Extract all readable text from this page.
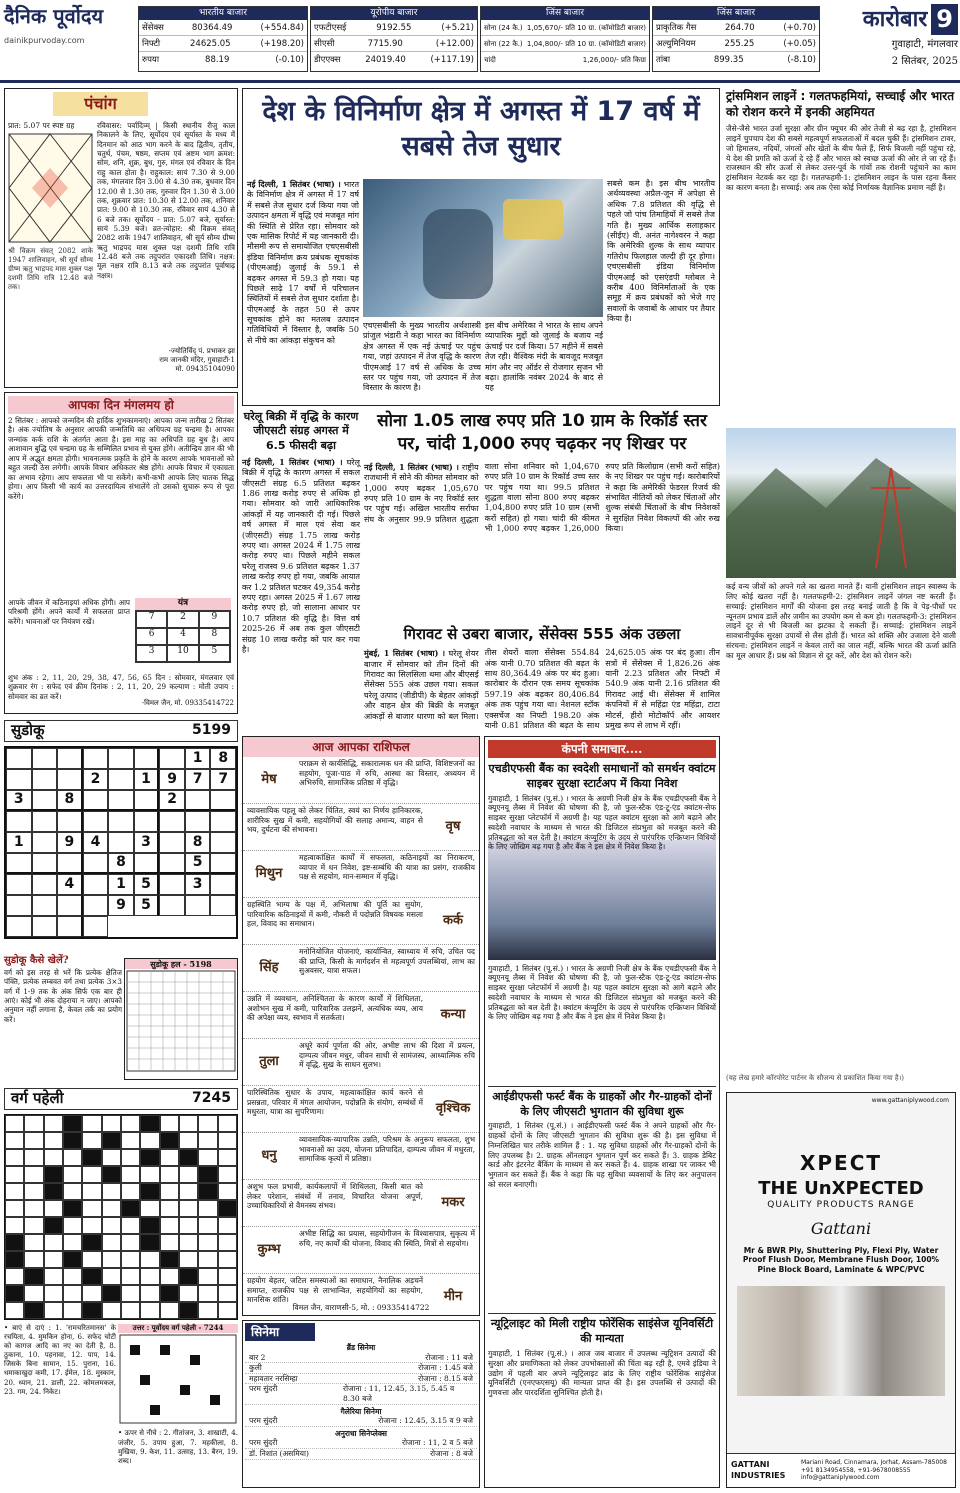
दैनिक पूर्वोदय
dainikpurvoday.com
भारतीय बाजार
सेंसेक्स	80364.49	(+554.84)
निफ्टी	24625.05	(+198.20)
रुपया	88.19	(-0.10)
यूरोपीय बाजार
एफटीएसई	9192.55	(+5.21)
सीएसी	7715.90	(+12.00)
डीएएक्स	24019.40	(+117.19)
जिंस बाजार
सोना (24 कै.) 1,05,670/- प्रति 10 ग्रा. (कॉमोडिटी बाजार)
सोना (22 कै.) 1,04,800/- प्रति 10 ग्रा. (कॉमोडिटी बाजार)
चांदी	1,26,000/- प्रति किग्रा
जिंस बाजार
प्राकृतिक गैस	264.70	(+0.70)
अल्युमिनियम	255.25	(+0.05)
तांबा	899.35	(-8.10)
कारोबार 9
गुवाहाटी, मंगलवार
2 सितंबर, 2025
पंचांग
प्रात: 5.07 पर स्पष्ट ग्रह	रविवासर: पर्वादित्र्म् | किसी स्थानीय रीजु काल निकालने के लिए, सूर्योदय एवं सूर्यास्त के मध्य में दिनमान को आठ भाग करने के बाद द्वितीय, तृतीय, चतुर्थ, पंचम, षष्ठम, सप्तम एवं अष्टम भाग क्रमश: सोम, शनि, शुक्र, बुध, गुरु, मंगल एवं रविवार के दिन राहु काल होता है। राहुकाल: सायं 7.30 से 9.00 तक, मंगलवार दिन 3.00 से 4.30 तक, बुधवार दिन 12.00 से 1.30 तक, गुरुवार दिन 1.30 से 3.00 तक, शुक्रवार प्रात: 10.30 से 12.00 तक, शनिवार प्रात: 9.00 से 10.30 तक, रविवार सायं 4.30 से 6 बजे तक। सूर्योदय - प्रात: 5.07 बजे, सूर्यास्त: सायं 5.39 बजे। व्रत-त्योहार: श्री विक्रम संवत् 2082 शाके 1947 शालिवाहन, श्री सूर्य सौम्य ग्रीष्म ऋतु भाद्रपद मास शुक्ल पक्ष दशमी तिथि रात्रि 12.48 बजे तक तदुपरांत एकादशी तिथि। नक्षत्र: मूल नक्षत्र रात्रि 8.13 बजे तक तदुपरांत पूर्वाषाढ़ नक्षत्र।
श्री विक्रम संवत् 2082 शाके 1947 शालिवाहन, श्री सूर्य सौम्य ग्रीष्म ऋतु भाद्रपद मास शुक्ल पक्ष दशमी तिथि रात्रि 12.48 बजे तक।
-ज्योतिर्विद् पं. प्रभाकर झा
राम जानकी मंदिर, गुवाहाटी-1
मो. 09435104090
आपका दिन मंगलमय हो
2 सितंबर : आपको जन्मदिन की हार्दिक शुभकामनाएं। आपका जन्म तारीख 2 सितंबर है। अंक ज्योतिष के अनुसार आपकी जन्मतिथि का अधिपत्य ग्रह चन्द्रमा है। आपका जन्मांक कर्क राशि के अंतर्गत आता है। इस माह का अधिपति ग्रह बुध है। आप आशावान बुद्धि एवं चन्द्रमा ग्रह के सम्मिलित प्रभाव से युक्त होंगे। अतीन्द्रिय ज्ञान की भी आप में अद्भुत क्षमता होगी। भावनात्मक प्रकृति के होने के कारण आपके भावनाओं को बहुत जल्दी ठेस लगेगी। आपके विचार अधिकतर श्रेष्ठ होंगे। आपके विचार में एकाग्रता का अभाव रहेगा। आप सफलता भी पा सकेंगे। कभी-कभी आपके लिए घातक सिद्ध होगा। आप किसी भी कार्य का उत्तरदायित्व संभालेंगे तो उसको सुचारू रूप से पूरा करेंगे।
यंत्र
7	2	9
6	4	8
3	10	5
आपके जीवन में कठिनाइयां अधिक होंगी। आप परिश्रमी होंगे। अपने कार्यों में सफलता प्राप्त करेंगे। भावनाओं पर नियंत्रण रखें।
शुभ अंक : 2, 11, 20, 29, 38, 47, 56, 65 दिन : सोमवार, मंगलवार एवं शुक्रवार रंग : सफेद एवं क्रीम दिनांक : 2, 11, 20, 29 कल्याण : मोती उपाय : सोमवार का व्रत करें।
-विमल जैन, मो. 09335414722
सुडोकू	5199
1	8
2	1	9	7	7
3	8	2
1	9	4	3	8
8	5
4	1	5	3
9	5
सुडोकू कैसे खेलें?
वर्ग को इस तरह से भरें कि प्रत्येक क्षैतिज पंक्ति, प्रत्येक लम्बवत वर्ग तथा प्रत्येक 3×3 वर्ग में 1-9 तक के अंक सिर्फ एक बार ही आएं। कोई भी अंक दोहराया न जाए। आपको अनुमान नहीं लगाना है, केवल तर्क का प्रयोग करें।
सुडोकू हल - 5198
वर्ग पहेली	7245
• बाएं से दाएं : 1. 'रामचरितमानस' के रचयिता, 4. मुमकिन होना, 6. सफेद चोटी को कागज आदि का नए का देती है, 8. ठुकाना, 10. पहनावा, 12. पाप, 14. जिसके बिना सामान, 15. पुराना, 16. धमाकाखुदा कमी, 17. ईमेल, 18. मुस्कान, 20. ध्यान, 21. डाली, 22. कोमलमकल, 23. गम, 24. निकेट।
उत्तर : पूर्वोदय वर्ग पहेली - 7244
• ऊपर से नीचे : 2. गीतांजन, 3. शाखाटी, 4. जंजीर, 5. उपाय हुआ, 7. महकीला, 8. मुखिया, 9. केश, 11. उत्साह, 13. बैरन, 19. शब्द।
देश के विनिर्माण क्षेत्र में अगस्त में 17 वर्ष में सबसे तेज सुधार
नई दिल्ली, 1 सितंबर (भाषा) । भारत के विनिर्माण क्षेत्र में अगस्त में 17 वर्ष में सबसे तेज सुधार दर्ज किया गया जो उत्पादन क्षमता में वृद्धि एवं मजबूत मांग की स्थिति से प्रेरित रहा। सोमवार को एक मासिक रिपोर्ट में यह जानकारी दी। मौसमी रूप से समायोजित एचएसबीसी इंडिया विनिर्माण क्रय प्रबंधक सूचकांक (पीएमआई) जुलाई के 59.1 से बढ़कर अगस्त में 59.3 हो गया। यह पिछले साढ़े 17 वर्षों में परिचालन स्थितियों में सबसे तेज सुधार दर्शाता है। पीएमआई के तहत 50 से ऊपर सूचकांक होने का मतलब उत्पादन गतिविधियों में विस्तार है, जबकि 50 से नीचे का आंकड़ा संकुचन को
एचएसबीसी के मुख्य भारतीय अर्थशास्त्री प्रांजुल भंडारी ने कहा भारत का विनिर्माण क्षेत्र अगस्त में एक नई ऊंचाई पर पहुंच गया, जहां उत्पादन में तेज वृद्धि के कारण पीएमआई 17 वर्ष से अधिक के उच्च स्तर पर पहुंच गया, जो उत्पादन में तेज विस्तार के कारण है।
इस बीच अमेरिका ने भारत के साथ अपने व्यापारिक मुद्दों को जुलाई के बजाय नई ऊंचाई पर दर्ज किया। 57 महीने में सबसे तेज रही। वैश्विक मंदी के बावजूद मजबूत मांग और नए ऑर्डर से रोजगार सृजन भी बढ़ा। हालांकि नवंबर 2024 के बाद से यह
सबसे कम है। इस बीच भारतीय अर्थव्यवस्था अप्रैल-जून में अपेक्षा से अधिक 7.8 प्रतिशत की वृद्धि से पहले जो पांच तिमाहियों में सबसे तेज गति है। मुख्य आर्थिक सलाहकार (सीईए) वी. अनंत नागेश्वरन ने कहा कि अमेरिकी शुल्क के साथ व्यापार गतिरोध फिलहाल जल्दी ही दूर होगा। एचएसबीसी इंडिया विनिर्माण पीएमआई को एसएंडपी ग्लोबल ने करीब 400 विनिर्माताओं के एक समूह में क्रय प्रबंधकों को भेजे गए सवालों के जवाबों के आधार पर तैयार किया है।
घरेलू बिक्री में वृद्धि के कारण जीएसटी संग्रह अगस्त में 6.5 फीसदी बढ़ा
नई दिल्ली, 1 सितंबर (भाषा) । घरेलू बिक्री में वृद्धि के कारण अगस्त में सकल जीएसटी संग्रह 6.5 प्रतिशत बढ़कर 1.86 लाख करोड़ रुपए से अधिक हो गया। सोमवार को जारी आधिकारिक आंकड़ों में यह जानकारी दी गई। पिछले वर्ष अगस्त में माल एवं सेवा कर (जीएसटी) संग्रह 1.75 लाख करोड़ रुपए था। अगस्त 2024 में 1.75 लाख करोड़ रुपए था। पिछले महीने सकल घरेलू राजस्व 9.6 प्रतिशत बढ़कर 1.37 लाख करोड़ रुपए हो गया, जबकि आयात कर 1.2 प्रतिशत घटकर 49,354 करोड़ रुपए रहा। अगस्त 2025 में 1.67 लाख करोड़ रुपए हो, जो सालाना आधार पर 10.7 प्रतिशत की वृद्धि है। वित्त वर्ष 2025-26 में अब तक कुल जीएसटी संग्रह 10 लाख करोड़ को पार कर गया है।
सोना 1.05 लाख रुपए प्रति 10 ग्राम के रिकॉर्ड स्तर पर, चांदी 1,000 रुपए चढ़कर नए शिखर पर
नई दिल्ली, 1 सितंबर (भाषा) । राष्ट्रीय राजधानी में सोने की कीमत सोमवार को 1,000 रुपए बढ़कर 1,05,670 रुपए प्रति 10 ग्राम के नए रिकॉर्ड स्तर पर पहुंच गई। अखिल भारतीय सर्राफा संघ के अनुसार 99.9 प्रतिशत शुद्धता वाला सोना शनिवार को 1,04,670 रुपए प्रति 10 ग्राम के रिकॉर्ड उच्च स्तर पर पहुंच गया था। 99.5 प्रतिशत शुद्धता वाला सोना 800 रुपए बढ़कर 1,04,800 रुपए प्रति 10 ग्राम (सभी करों सहित) हो गया। चांदी की कीमत भी 1,000 रुपए बढ़कर 1,26,000 रुपए प्रति किलोग्राम (सभी करों सहित) के नए शिखर पर पहुंच गई। कारोबारियों ने कहा कि अमेरिकी फेडरल रिजर्व की संभावित नीतियों को लेकर चिंताओं और शुल्क संबंधी चिंताओं के बीच निवेशकों ने सुरक्षित निवेश विकल्पों की ओर रुख किया।
गिरावट से उबरा बाजार, सेंसेक्स 555 अंक उछला
मुंबई, 1 सितंबर (भाषा) । घरेलू शेयर बाजार में सोमवार को तीन दिनों की गिरावट का सिलसिला थमा और बीएसई सेंसेक्स 555 अंक उछल गया। सकल घरेलू उत्पाद (जीडीपी) के बेहतर आंकड़ों और वाहन क्षेत्र की बिक्री के मजबूत आंकड़ों से बाजार धारणा को बल मिला। तीस शेयरों वाला सेंसेक्स 554.84 अंक यानी 0.70 प्रतिशत की बढ़त के साथ 80,364.49 अंक पर बंद हुआ। कारोबार के दौरान एक समय सूचकांक 597.19 अंक बढ़कर 80,406.84 अंक तक पहुंच गया था। नेशनल स्टॉक एक्सचेंज का निफ्टी 198.20 अंक यानी 0.81 प्रतिशत की बढ़त के साथ 24,625.05 अंक पर बंद हुआ। तीन सत्रों में सेंसेक्स में 1,826.26 अंक यानी 2.23 प्रतिशत और निफ्टी में 540.9 अंक यानी 2.16 प्रतिशत की गिरावट आई थी। सेंसेक्स में शामिल कंपनियों में से महिंद्रा एंड महिंद्रा, टाटा मोटर्स, हीरो मोटोकॉर्प और आयशर प्रमुख रूप से लाभ में रहीं।
आज आपका राशिफल
मेष
पराक्रम से कार्यसिद्धि, सकारात्मक धन की प्राप्ति, विशिष्टजनों का सहयोग, पूजा-पाठ में रुचि, आस्था का विस्तार, अध्ययन में अभिरुचि, सामाजिक प्रतिष्ठा में वृद्धि।
व्यावसायिक पहलू को लेकर चिंतित, स्वयं का निर्णय हानिकारक, शारीरिक सुख में कमी, सहयोगियों की सलाह अमान्य, वाहन से भय, दुर्घटना की संभावना।	वृष
मिथुन
महत्वाकांक्षित कार्यों में सफलता, कठिनाइयों का निराकरण, व्यापार में धन निवेश, इष्ट-सम्बंधि की यात्रा का प्रसंग, राजकीय पक्ष से सहयोग, मान-सम्मान में वृद्धि।
ग्रहस्थिति भाग्य के पक्ष में, अभिलाषा की पूर्ति का सुयोग, पारिवारिक कठिनाइयों में कमी, नौकरी में पदोन्नति विषयक मसला हल, विवाद का समाधान।	कर्क
सिंह
मनोनियोजित योजनाएं, कार्यान्वित, स्वाध्याय में रुचि, उचित पद की प्राप्ति, किसी के मार्गदर्शन से महत्वपूर्ण उपलब्धियां, लाभ का सुअवसर, यात्रा सफल।
उन्नति में व्यवधान, अनिश्चितता के कारण कार्यों में शिथिलता, अशोभन सुख में कमी, पारिवारिक उलझनें, अत्यधिक व्यय, आय की अपेक्षा व्यय, स्वभाव में सतर्कता।	कन्या
तुला
अधूरे कार्य पूर्णता की ओर, अभीष्ट लाभ की दिशा में प्रयत्न, दाम्पत्य जीवन मधुर, जीवन साथी से सामंजस्य, आध्यात्मिक रुचि में वृद्धि, सुख के साधन सुलभ।
पारिस्थितिक सुधार के उपाय, महत्वाकांक्षित कार्य करने से प्रसन्नता, परिवार में मंगल आयोजन, पदोन्नति के संयोग, सम्बंधों में मधुरता, यात्रा का सुपरिणाम।	वृश्चिक
धनु
व्यावसायिक-व्यापारिक उन्नति, परिश्रम के अनुरूप सफलता, शुभ भावनाओं का उदय, योजना प्रतिपादित, दाम्पत्य जीवन में मधुरता, सामाजिक कृत्यों में प्रतिष्ठा।
अशुभ फल प्रभावी, कार्यकलापों में शिथिलता, किसी बात को लेकर परेशान, संबंधों में तनाव, विचारित योजना अपूर्ण, उच्चाधिकारियों से वैमनस्य संभव।	मकर
कुम्भ
अभीष्ट सिद्धि का प्रयास, सहयोगीजन के विश्वासपात्र, सुकृत्य में रुचि, नए कार्यों की योजना, विवाद की स्थिति, मित्रों से सहयोग।
ग्रहयोग बेहतर, जटिल समस्याओं का समाधान, नैनालिक अड़चनें समाप्त, राजकीय पक्ष से लाभान्वित, सहयोगियों का सहयोग, मानसिक शांति।	मीन
विमल जैन, वाराणसी-5, मो. : 09335414722
सिनेमा
ब्रैंड सिनेमा
बार 2	रोजाना : 11 बजे
कुली	रोजाना : 1.45 बजे
महावतार नरसिम्हा	रोजाना : 8.15 बजे
परम सुंदरी	रोजाना : 11, 12.45, 3.15, 5.45 व 8.30 बजे
गैलेरिया सिनेमा
परम सुंदरी	रोजाना : 12.45, 3.15 व 9 बजे
अनुराधा सिनेप्लेक्स
परम सुंदरी	रोजाना : 11, 2 व 5 बजे
डॉ. निशांत (असमिया)	रोजाना : 8 बजे
कंपनी समाचार....
एचडीएफसी बैंक का स्वदेशी समाधानों को समर्थन क्वांटम साइबर सुरक्षा स्टार्टअप में किया निवेश
गुवाहाटी, 1 सितंबर (पू.सं.) । भारत के अग्रणी निजी क्षेत्र के बैंक एचडीएफसी बैंक ने क्यूएनयू लैब्स में निवेश की घोषणा की है, जो फुल-स्टैक एंड-टू-एंड क्वांटम-सेफ साइबर सुरक्षा प्लेटफॉर्म में अग्रणी है। यह पहल क्वांटम सुरक्षा को आगे बढ़ाने और स्वदेशी नवाचार के माध्यम से भारत की डिजिटल संप्रभुता को मजबूत करने की प्रतिबद्धता को बल देती है। क्वांटम कंप्यूटिंग के उदय से पारंपरिक एन्क्रिप्शन विधियों के लिए जोखिम बढ़ गया है और बैंक ने इस क्षेत्र में निवेश किया है।
गुवाहाटी, 1 सितंबर (पू.सं.) । भारत के अग्रणी निजी क्षेत्र के बैंक एचडीएफसी बैंक ने क्यूएनयू लैब्स में निवेश की घोषणा की है, जो फुल-स्टैक एंड-टू-एंड क्वांटम-सेफ साइबर सुरक्षा प्लेटफॉर्म में अग्रणी है। यह पहल क्वांटम सुरक्षा को आगे बढ़ाने और स्वदेशी नवाचार के माध्यम से भारत की डिजिटल संप्रभुता को मजबूत करने की प्रतिबद्धता को बल देती है। क्वांटम कंप्यूटिंग के उदय से पारंपरिक एन्क्रिप्शन विधियों के लिए जोखिम बढ़ गया है और बैंक ने इस क्षेत्र में निवेश किया है।
आईडीएफसी फर्स्ट बैंक के ग्राहकों और गैर-ग्राहकों दोनों के लिए जीएसटी भुगतान की सुविधा शुरू
गुवाहाटी, 1 सितंबर (पू.सं.) । आईडीएफसी फर्स्ट बैंक ने अपने ग्राहकों और गैर-ग्राहकों दोनों के लिए जीएसटी भुगतान की सुविधा शुरू की है। इस सुविधा में निम्नलिखित चार तरीके शामिल हैं : 1. यह सुविधा ग्राहकों और गैर-ग्राहकों दोनों के लिए उपलब्ध है। 2. ग्राहक ऑनलाइन भुगतान पूर्ण कर सकते हैं। 3. ग्राहक डेबिट कार्ड और इंटरनेट बैंकिंग के माध्यम से कर सकते हैं। 4. ग्राहक शाखा पर जाकर भी भुगतान कर सकते हैं। बैंक ने कहा कि यह सुविधा व्यवसायों के लिए कर अनुपालन को सरल बनाएगी।
न्यूट्रिलाइट को मिली राष्ट्रीय फोरेंसिक साइंसेज यूनिवर्सिटी की मान्यता
गुवाहाटी, 1 सितंबर (पू.सं.) । आज जब बाजार में उपलब्ध न्यूट्रिशन उत्पादों की सुरक्षा और प्रमाणिकता को लेकर उपभोक्ताओं की चिंता बढ़ रही है, एमवे इंडिया ने उद्योग में पहली बार अपने न्यूट्रिलाइट ब्रांड के लिए राष्ट्रीय फोरेंसिक साइंसेज यूनिवर्सिटी (एनएफएसयू) की मान्यता प्राप्त की है। इस उपलब्धि से उत्पादों की गुणवत्ता और पारदर्शिता सुनिश्चित होती है।
ट्रांसमिशन लाइनें : गलतफहमियां, सच्चाई और भारत को रोशन करने में इनकी अहमियत
जैसे-जैसे भारत उर्जा सुरक्षा और ग्रीन फ्यूचर की ओर तेजी से बढ़ रहा है, ट्रांसमिशन लाइनें चुपचाप देश की सबसे महत्वपूर्ण सफलताओं में बदल चुकी हैं। ट्रांसमिशन टावर, जो हिमालय, नदियों, जंगलों और खेतों के बीच फैले हैं, सिर्फ बिजली नहीं पहुंचा रहे, ये देश की प्रगति को ऊर्जा दे रहे हैं और भारत को स्वच्छ ऊर्जा की ओर ले जा रहे हैं। राजस्थान की सौर ऊर्जा से लेकर उत्तर-पूर्व के गांवों तक रोशनी पहुंचाने का काम ट्रांसमिशन नेटवर्क कर रहा है। गलतफहमी-1: ट्रांसमिशन लाइन के पास रहना कैंसर का कारण बनता है। सच्चाई: अब तक ऐसा कोई निर्णायक वैज्ञानिक प्रमाण नहीं है।
कई वन्य जीवों को अपने गले का खतरा मानते हैं। यानी ट्रांसमिशन लाइन स्वास्थ्य के लिए कोई खतरा नहीं है। गलतफहमी-2: ट्रांसमिशन लाइनें जंगल नष्ट करती हैं। सच्चाई: ट्रांसमिशन मार्गों की योजना इस तरह बनाई जाती है कि वे पेड़-पौधों पर न्यूनतम प्रभाव डालें और जमीन का उपयोग कम से कम हो। गलतफहमी-3: ट्रांसमिशन लाइनें दूर से भी बिजली का झटका दे सकती हैं। सच्चाई: ट्रांसमिशन लाइनें सावधानीपूर्वक सुरक्षा उपायों से लैस होती हैं। भारत को शक्ति और उजाला देने वाली संरचना: ट्रांसमिशन लाइनें न केवल तारों का जाल नहीं, बल्कि भारत की ऊर्जा क्रांति का मूल आधार हैं। प्रश्न को विज्ञान से दूर करें, और देश को रोशन करें।
(यह लेख हमारे कॉरपोरेट पार्टनर के सौजन्य से प्रकाशित किया गया है।)
XPECT
THE UnXPECTED
QUALITY PRODUCTS RANGE
Gattani
Mr & BWR Ply, Shuttering Ply, Flexi Ply, Water Proof Flush Door, Membrane Flush Door, 100% Pine Block Board, Laminate & WPC/PVC
GATTANI INDUSTRIES
Mariani Road, Cinnamara, Jorhat, Assam-785008
+91 8134954558, +91-9678008555
info@gattaniplywood.com
www.gattaniplywood.com
